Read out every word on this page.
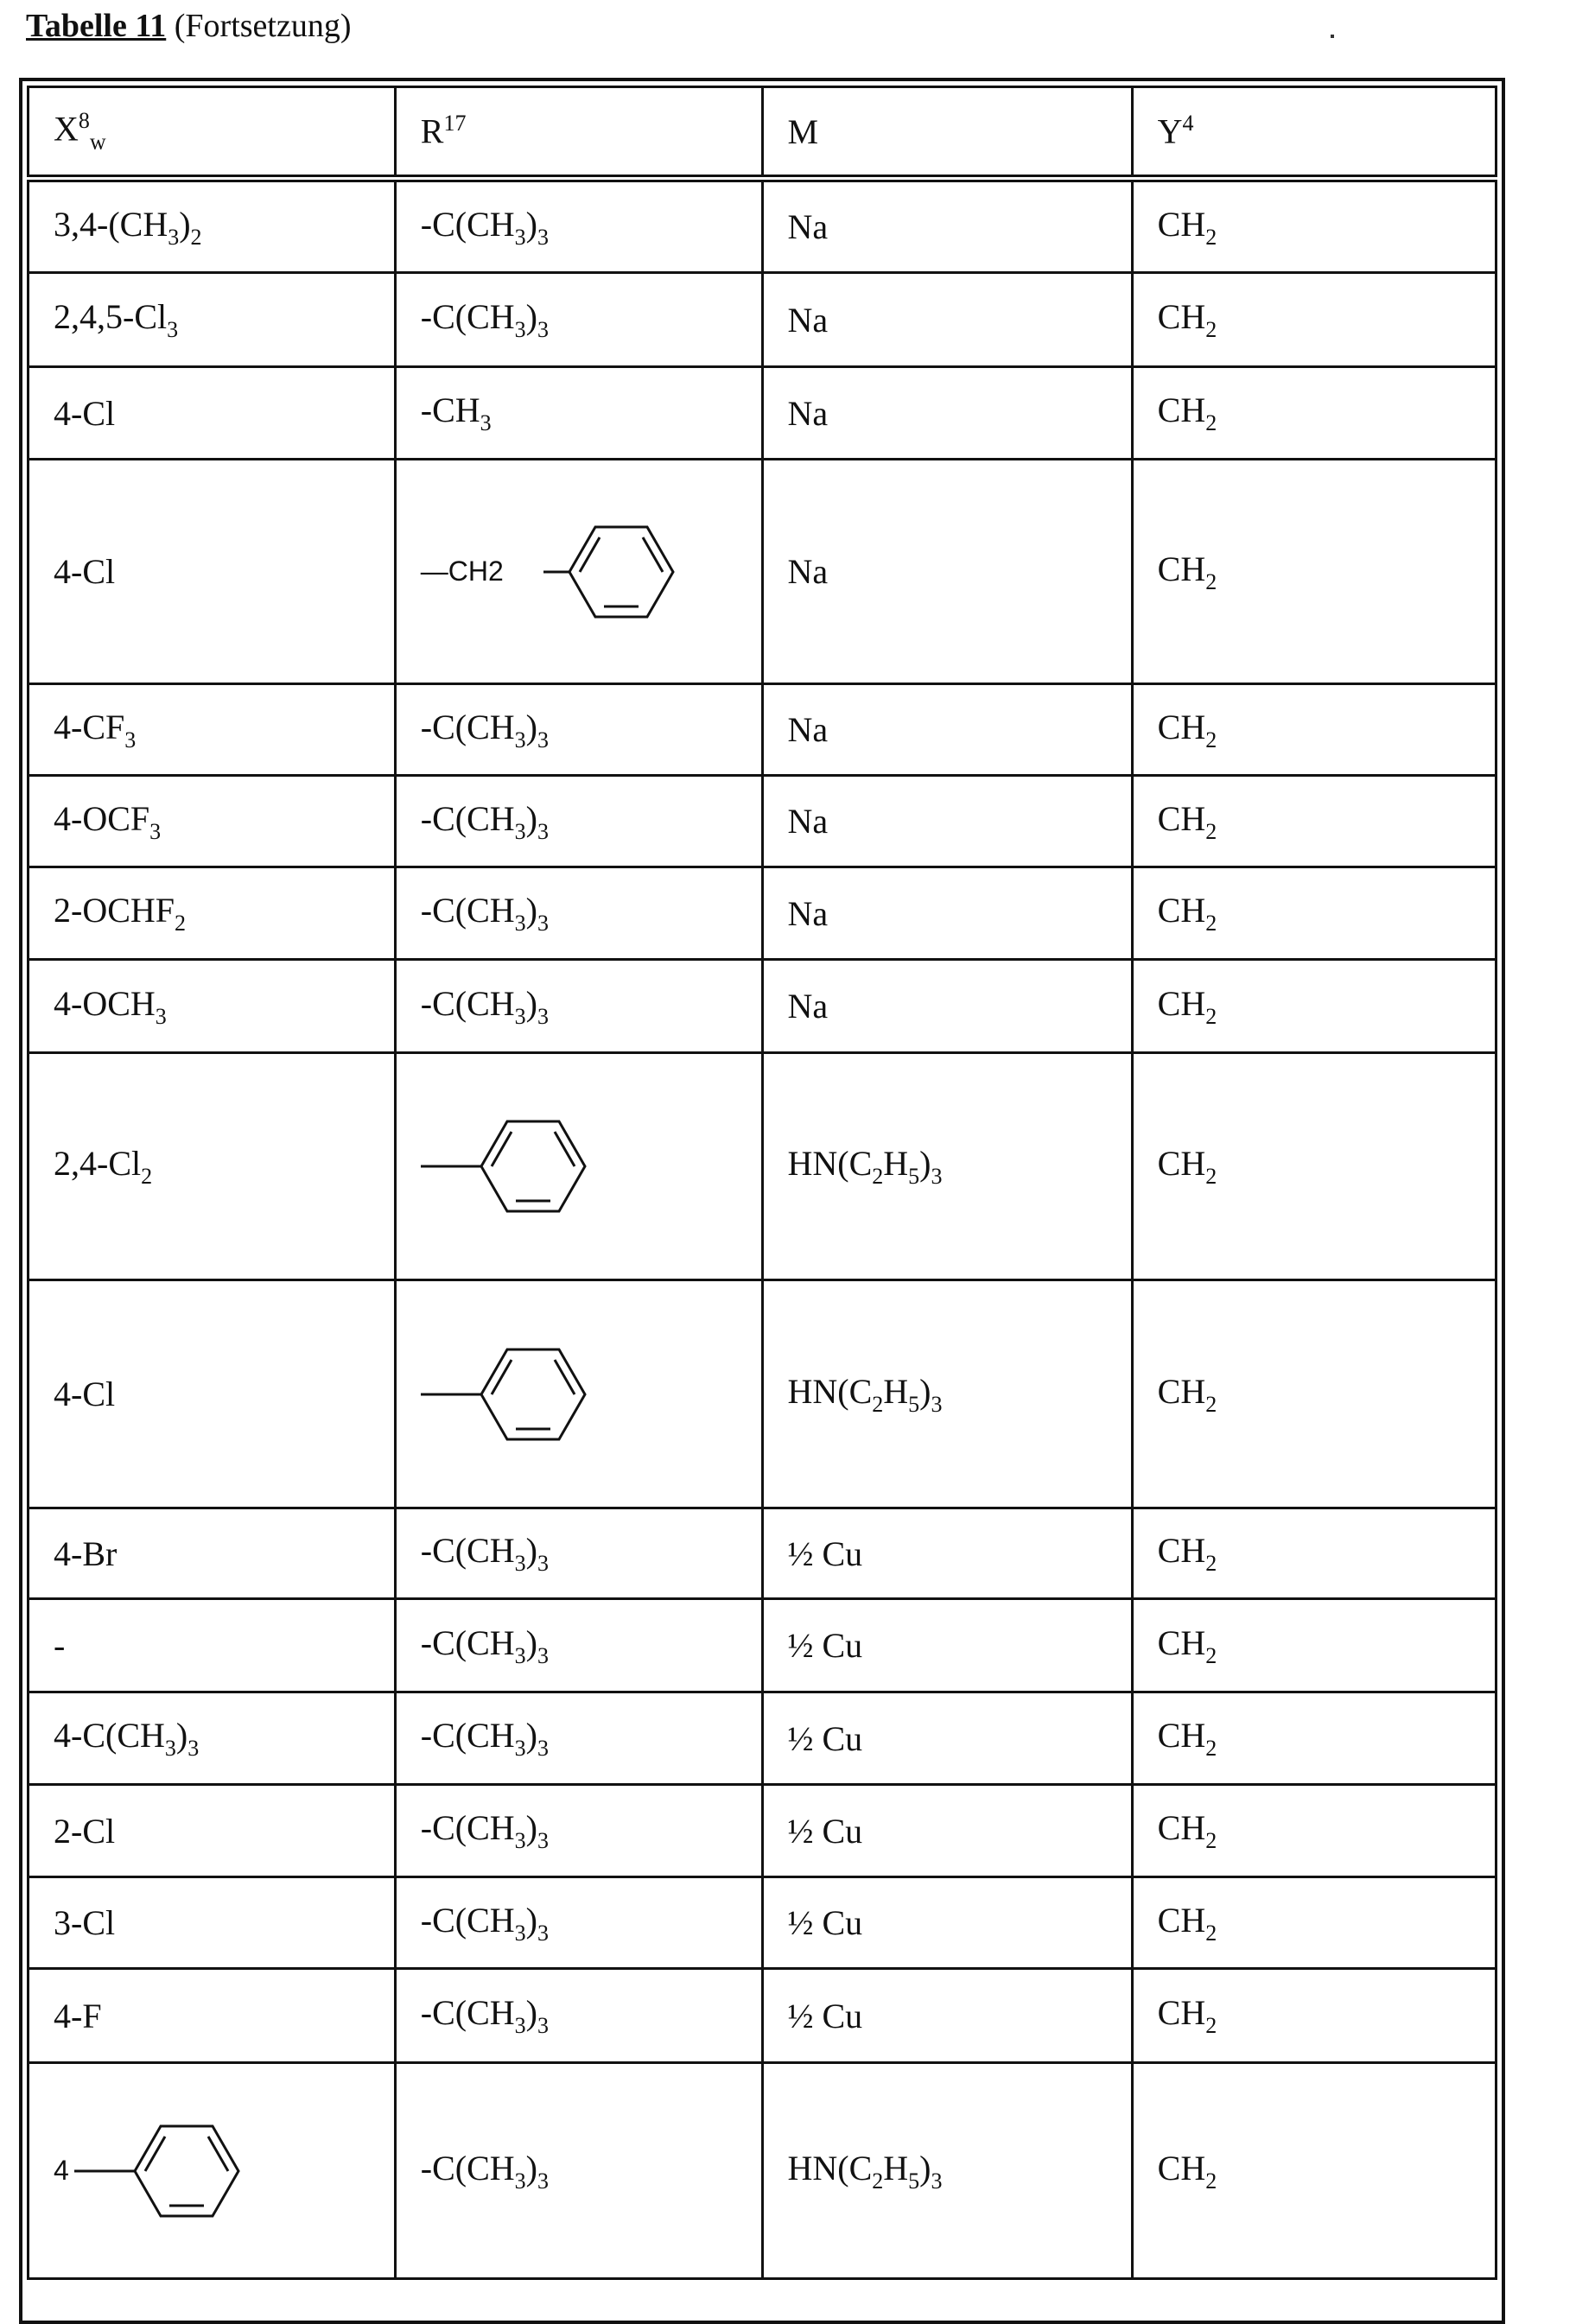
Tabelle 11 (Fortsetzung)
X8w	R17	M	Y4
3,4-(CH3)2	-C(CH3)3	Na	CH2
2,4,5-Cl3	-C(CH3)3	Na	CH2
4-Cl	-CH3	Na	CH2
4-Cl	—CH2	Na	CH2
4-CF3	-C(CH3)3	Na	CH2
4-OCF3	-C(CH3)3	Na	CH2
2-OCHF2	-C(CH3)3	Na	CH2
4-OCH3	-C(CH3)3	Na	CH2
2,4-Cl2		HN(C2H5)3	CH2
4-Cl		HN(C2H5)3	CH2
4-Br	-C(CH3)3	½ Cu	CH2
-	-C(CH3)3	½ Cu	CH2
4-C(CH3)3	-C(CH3)3	½ Cu	CH2
2-Cl	-C(CH3)3	½ Cu	CH2
3-Cl	-C(CH3)3	½ Cu	CH2
4-F	-C(CH3)3	½ Cu	CH2

4	-C(CH3)3	HN(C2H5)3	CH2
